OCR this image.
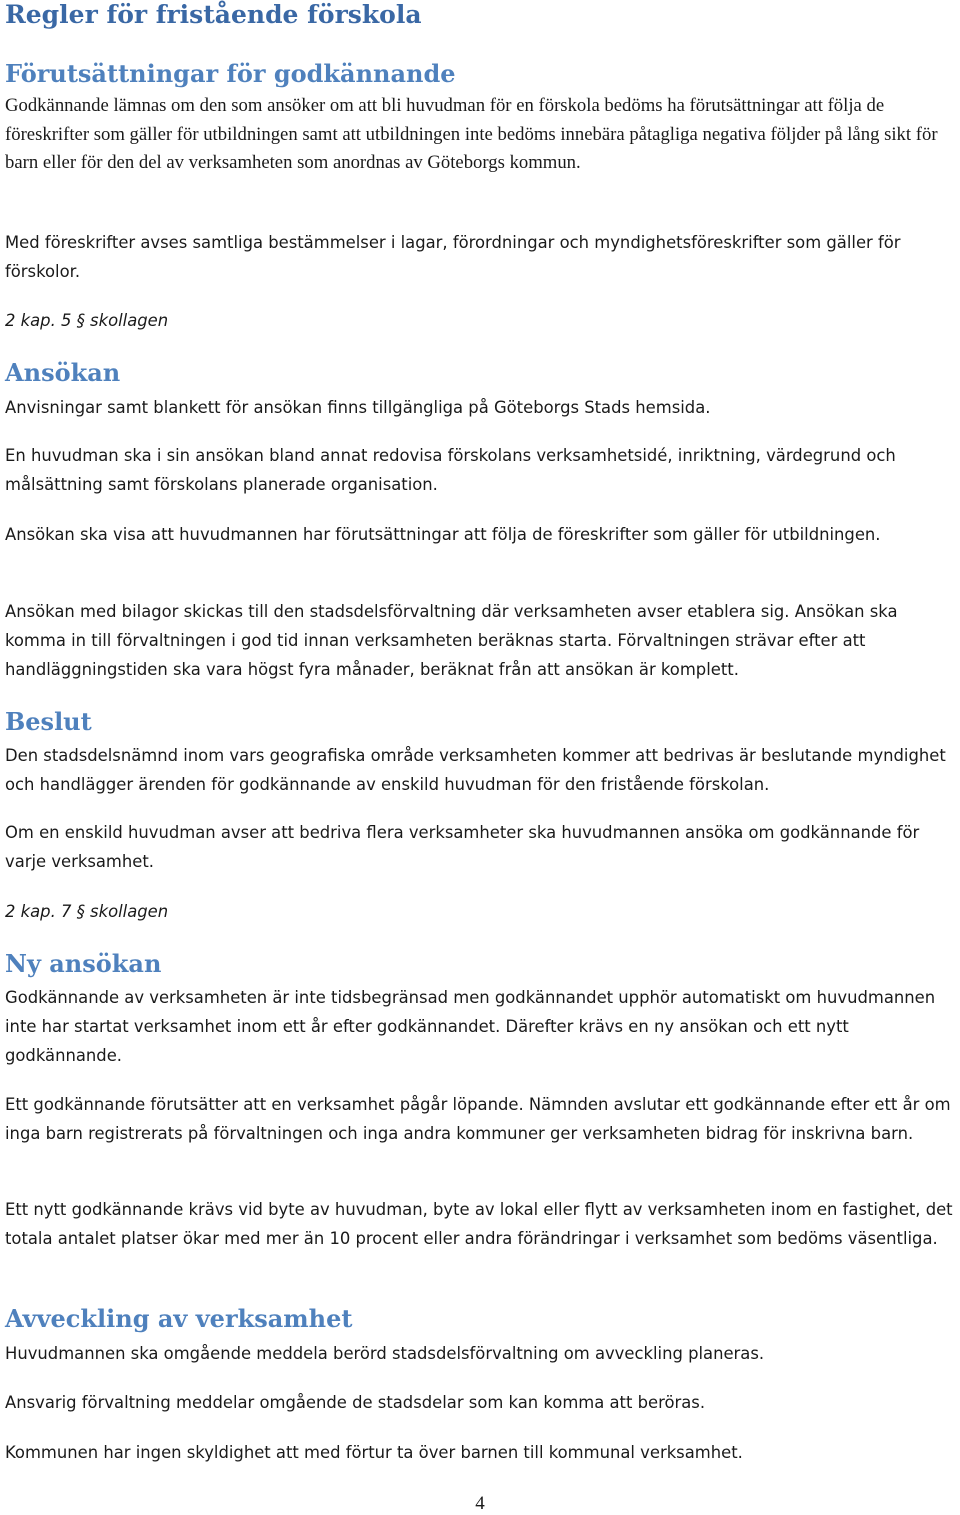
Regler för fristående förskola
Förutsättningar för godkännande

Godkännande lämnas om den som ansöker om att bli huvudman för en förskola bedöms ha förutsättningar att följa de föreskrifter som gäller för utbildningen samt att utbildningen inte bedöms innebära påtagliga negativa följder på lång sikt för barn eller för den del av verksamheten som anordnas av Göteborgs kommun.

Med föreskrifter avses samtliga bestämmelser i lagar, förordningar och myndighetsföreskrifter som gäller för förskolor.

2 kap. 5 § skollagen

Ansökan

Anvisningar samt blankett för ansökan finns tillgängliga på Göteborgs Stads hemsida.

En huvudman ska i sin ansökan bland annat redovisa förskolans verksamhetsidé, inriktning, värdegrund och målsättning samt förskolans planerade organisation.

Ansökan ska visa att huvudmannen har förutsättningar att följa de föreskrifter som gäller för utbildningen.

Ansökan med bilagor skickas till den stadsdelsförvaltning där verksamheten avser etablera sig. Ansökan ska komma in till förvaltningen i god tid innan verksamheten beräknas starta. Förvaltningen strävar efter att handläggningstiden ska vara högst fyra månader, beräknat från att ansökan är komplett.

Beslut

Den stadsdelsnämnd inom vars geografiska område verksamheten kommer att bedrivas är beslutande myndighet och handlägger ärenden för godkännande av enskild huvudman för den fristående förskolan.

Om en enskild huvudman avser att bedriva flera verksamheter ska huvudmannen ansöka om godkännande för varje verksamhet.

2 kap. 7 § skollagen

Ny ansökan

Godkännande av verksamheten är inte tidsbegränsad men godkännandet upphör automatiskt om huvudmannen inte har startat verksamhet inom ett år efter godkännandet. Därefter krävs en ny ansökan och ett nytt godkännande.

Ett godkännande förutsätter att en verksamhet pågår löpande. Nämnden avslutar ett godkännande efter ett år om inga barn registrerats på förvaltningen och inga andra kommuner ger verksamheten bidrag för inskrivna barn.

Ett nytt godkännande krävs vid byte av huvudman, byte av lokal eller flytt av verksamheten inom en fastighet, det totala antalet platser ökar med mer än 10 procent eller andra förändringar i verksamhet som bedöms väsentliga.

Avveckling av verksamhet

Huvudmannen ska omgående meddela berörd stadsdelsförvaltning om avveckling planeras.

Ansvarig förvaltning meddelar omgående de stadsdelar som kan komma att beröras.

Kommunen har ingen skyldighet att med förtur ta över barnen till kommunal verksamhet.

4
